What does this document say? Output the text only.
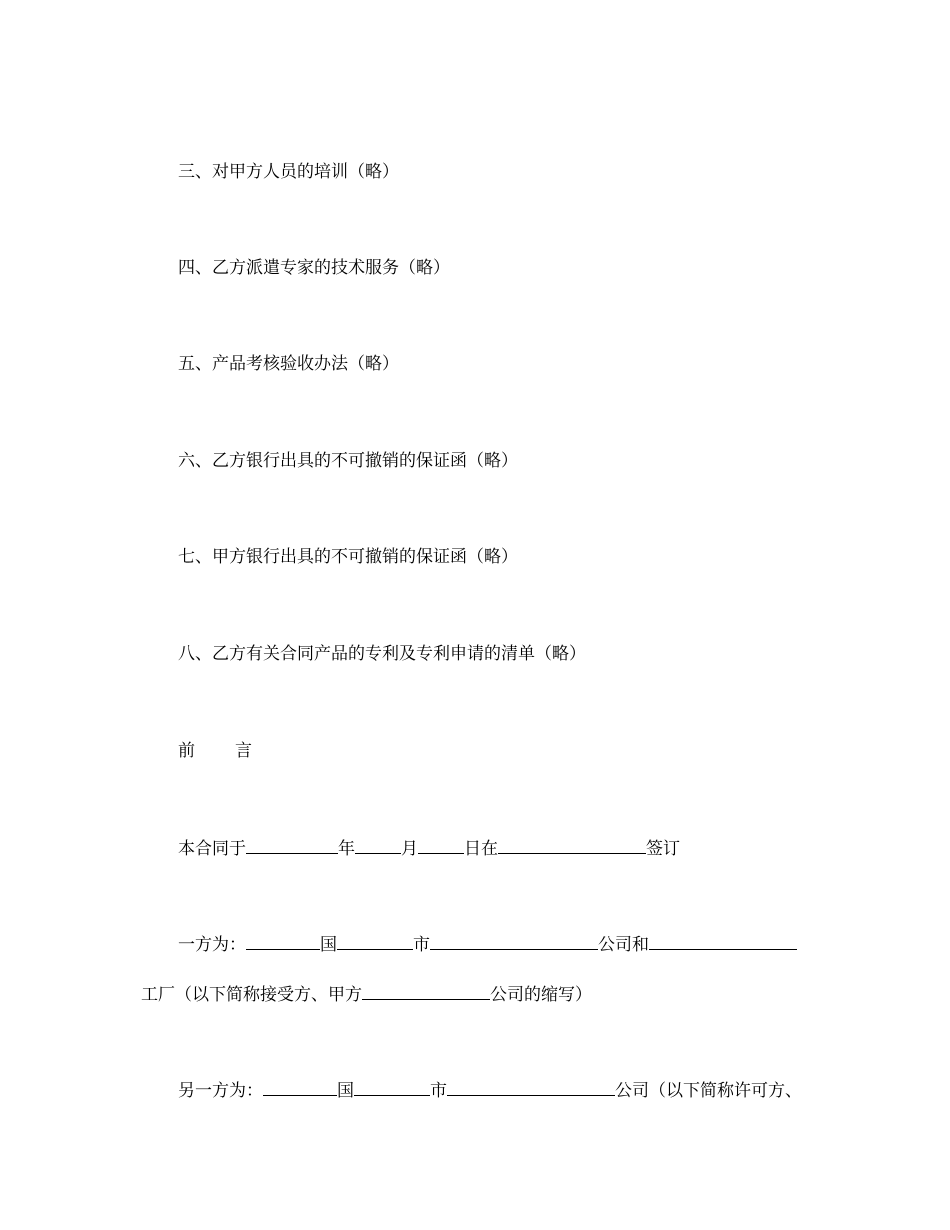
三、对甲方人员的培训（略）
四、乙方派遣专家的技术服务（略）
五、产品考核验收办法（略）
六、乙方银行出具的不可撤销的保证函（略）
七、甲方银行出具的不可撤销的保证函（略）
八、乙方有关合同产品的专利及专利申请的清单（略）
前 言
本合同于	年	月	日在	签订
一方为：	国	市	公司和
工厂（以下简称接受方、甲方	公司的缩写）
另一方为：	国	市	公司（以下简称许可方、
